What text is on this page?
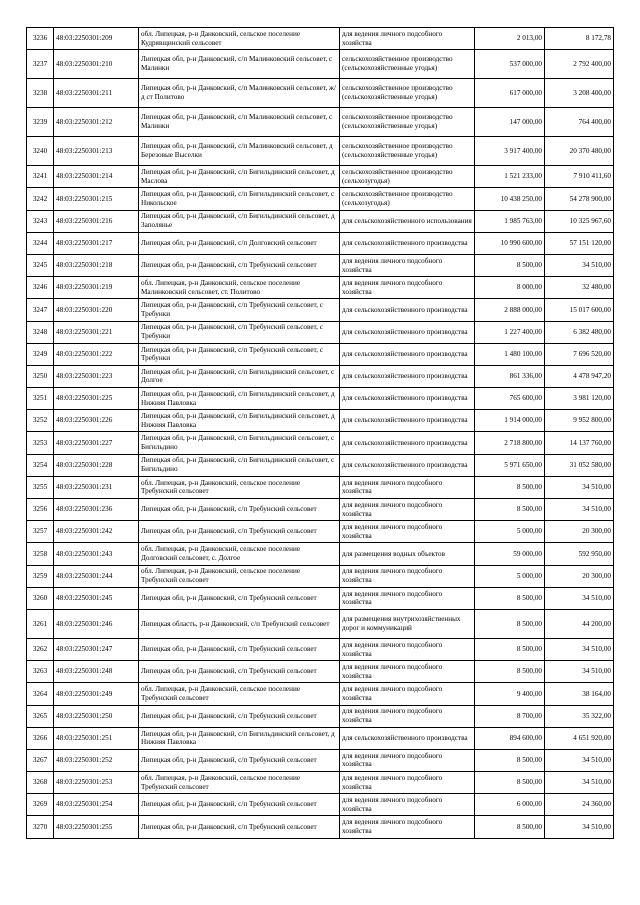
3236	48:03:2250301:209	обл. Липецкая, р-н Данковский, сельское поселение Кудрявщинский сельсовет	для ведения личного подсобного хозяйства	2 013,00	8 172,78
3237	48:03:2250301:210	Липецкая обл, р-н Данковский, с/п Малинковский сельсовет, с Малинки	сельскохозяйственное производство (сельскохозяйственные угодья)	537 000,00	2 792 400,00
3238	48:03:2250301:211	Липецкая обл, р-н Данковский, с/п Малинковский сельсовет, ж/д ст Политово	сельскохозяйственное производство (сельскохозяйственные угодья)	617 000,00	3 208 400,00
3239	48:03:2250301:212	Липецкая обл, р-н Данковский, с/п Малинковский сельсовет, с Малинки	сельскохозяйственное производство (сельскохозяйственные угодья)	147 000,00	764 400,00
3240	48:03:2250301:213	Липецкая обл, р-н Данковский, с/п Малинковский сельсовет, д Березовые Выселки	сельскохозяйственное производство (сельскохозяйственные угодья)	3 917 400,00	20 370 480,00
3241	48:03:2250301:214	Липецкая обл, р-н Данковский, с/п Бигильдинский сельсовет, д Маслова	сельскохозяйственное производство (сельхозугодья)	1 521 233,00	7 910 411,60
3242	48:03:2250301:215	Липецкая обл, р-н Данковский, с/п Бигильдинский сельсовет, с Никольское	сельскохозяйственное производство (сельхозугодья)	10 438 250,00	54 278 900,00
3243	48:03:2250301:216	Липецкая обл, р-н Данковский, с/п Бигильдинский сельсовет, д Заполянье	для сельскохозяйственного использования	1 985 763,00	10 325 967,60
3244	48:03:2250301:217	Липецкая обл, р-н Данковский, с/п Долговский сельсовет	для сельскохозяйственного производства	10 990 600,00	57 151 120,00
3245	48:03:2250301:218	Липецкая обл, р-н Данковский, с/п Требунский сельсовет	для ведения личного подсобного хозяйства	8 500,00	34 510,00
3246	48:03:2250301:219	обл. Липецкая, р-н Данковский, сельское поселение Малинковский сельсовет, ст. Политово	для ведения личного подсобного хозяйства	8 000,00	32 480,00
3247	48:03:2250301:220	Липецкая обл, р-н Данковский, с/п Требунский сельсовет, с Требунки	для сельскохозяйственного производства	2 888 000,00	15 017 600,00
3248	48:03:2250301:221	Липецкая обл, р-н Данковский, с/п Требунский сельсовет, с Требунки	для сельскохозяйственного производства	1 227 400,00	6 382 480,00
3249	48:03:2250301:222	Липецкая обл, р-н Данковский, с/п Требунский сельсовет, с Требунки	для сельскохозяйственного производства	1 480 100,00	7 696 520,00
3250	48:03:2250301:223	Липецкая обл, р-н Данковский, с/п Бигильдинский сельсовет, с Долгое	для сельскохозяйственного производства	861 336,00	4 478 947,20
3251	48:03:2250301:225	Липецкая обл, р-н Данковский, с/п Бигильдинский сельсовет, д Нижняя Павловка	для сельскохозяйственного производства	765 600,00	3 981 120,00
3252	48:03:2250301:226	Липецкая обл, р-н Данковский, с/п Бигильдинский сельсовет, д Нижняя Павловка	для сельскохозяйственного производства	1 914 000,00	9 952 800,00
3253	48:03:2250301:227	Липецкая обл, р-н Данковский, с/п Бигильдинский сельсовет, с Бигильдино	для сельскохозяйственного производства	2 718 800,00	14 137 760,00
3254	48:03:2250301:228	Липецкая обл, р-н Данковский, с/п Бигильдинский сельсовет, с Бигильдино	для сельскохозяйственного производства	5 971 650,00	31 052 580,00
3255	48:03:2250301:231	обл. Липецкая, р-н Данковский, сельское поселение Требунский сельсовет	для ведения личного подсобного хозяйства	8 500,00	34 510,00
3256	48:03:2250301:236	Липецкая обл, р-н Данковский, с/п Требунский сельсовет	для ведения личного подсобного хозяйства	8 500,00	34 510,00
3257	48:03:2250301:242	Липецкая обл, р-н Данковский, с/п Требунский сельсовет	для ведения личного подсобного хозяйства	5 000,00	20 300,00
3258	48:03:2250301:243	обл. Липецкая, р-н Данковский, сельское поселение Долговский сельсовет, с. Долгое	для размещения водных объектов	59 000,00	592 950,00
3259	48:03:2250301:244	обл. Липецкая, р-н Данковский, сельское поселение Требунский сельсовет	для ведения личного подсобного хозяйства	5 000,00	20 300,00
3260	48:03:2250301:245	Липецкая обл, р-н Данковский, с/п Требунский сельсовет	для ведения личного подсобного хозяйства	8 500,00	34 510,00
3261	48:03:2250301:246	Липецкая область, р-н Данковский, с/п Требунский сельсовет	для размещения внутрихозяйственных дорог и коммуникаций	8 500,00	44 200,00
3262	48:03:2250301:247	Липецкая обл, р-н Данковский, с/п Требунский сельсовет	для ведения личного подсобного хозяйства	8 500,00	34 510,00
3263	48:03:2250301:248	Липецкая обл, р-н Данковский, с/п Требунский сельсовет	для ведения личного подсобного хозяйства	8 500,00	34 510,00
3264	48:03:2250301:249	обл. Липецкая, р-н Данковский, сельское поселение Требунский сельсовет	для ведения личного подсобного хозяйства	9 400,00	38 164,00
3265	48:03:2250301:250	Липецкая обл, р-н Данковский, с/п Требунский сельсовет	для ведения личного подсобного хозяйства	8 700,00	35 322,00
3266	48:03:2250301:251	Липецкая обл, р-н Данковский, с/п Бигильдинский сельсовет, д Нижняя Павловка	для сельскохозяйственного производства	894 600,00	4 651 920,00
3267	48:03:2250301:252	Липецкая обл, р-н Данковский, с/п Требунский сельсовет	для ведения личного подсобного хозяйства	8 500,00	34 510,00
3268	48:03:2250301:253	обл. Липецкая, р-н Данковский, сельское поселение Требунский сельсовет	для ведения личного подсобного хозяйства	8 500,00	34 510,00
3269	48:03:2250301:254	Липецкая обл, р-н Данковский, с/п Требунский сельсовет	для ведения личного подсобного хозяйства	6 000,00	24 360,00
3270	48:03:2250301:255	Липецкая обл, р-н Данковский, с/п Требунский сельсовет	для ведения личного подсобного хозяйства	8 500,00	34 510,00
